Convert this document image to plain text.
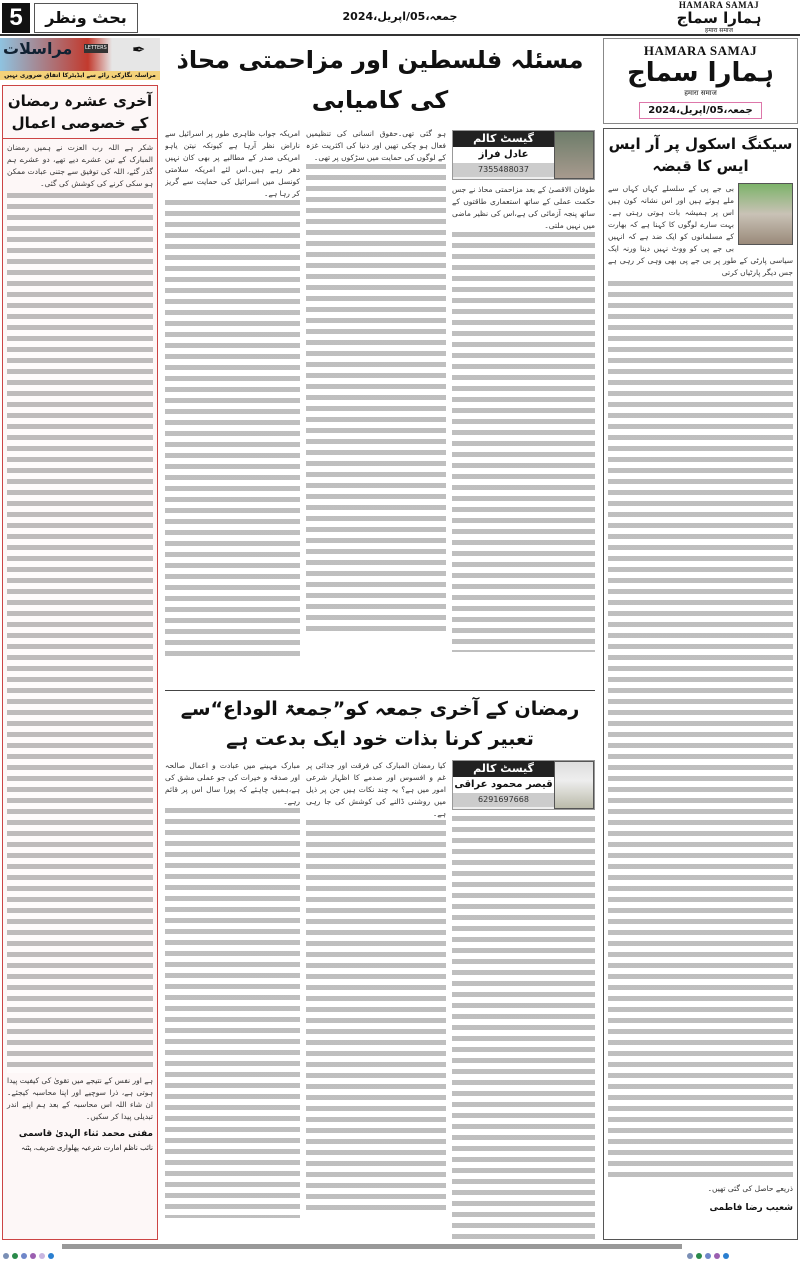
5	بحث ونظر	جمعہ،05/اپریل،2024
HAMARA SAMAJ
ہمارا سماج
हमारा समाज
مراسلات	LETTERS ✒
مراسلہ نگارکی رائے سے ایڈیٹرکا اتفاق ضروری نہیں
آخری عشرہ رمضان کے خصوصی اعمال
شکر ہے اللہ رب العزت نے ہمیں رمضان المبارک کے تین عشرے دیے تھے، دو عشرے ہم گذر گئے، اللہ کی توفیق سے جتنی عبادت ممکن ہو سکی کرنے کی کوشش کی گئی۔
ہے اور نفس کے نتیجے میں تقویٰ کی کیفیت پیدا ہوتی ہے، ذرا سوچیے اور اپنا محاسبہ کیجئے۔ان شاء اللہ اس محاسبہ کے بعد ہم اپنے اندر تبدیلی پیدا کر سکیں۔
مفتی محمد ثناء الہدیٰ قاسمی
نائب ناظم امارت شرعیہ پھلواری شریف، پٹنہ
مسئلہ فلسطین اور مزاحمتی محاذ کی کامیابی
امریکہ جواب ظاہری طور پر اسرائیل سے ناراض نظر آرہا ہے کیونکہ نیتن یاہو امریکی صدر کے مطالبے پر بھی کان نہیں دھر رہے ہیں۔اس لئے امریکہ سلامتی کونسل میں اسرائیل کی حمایت سے گریز کر رہا ہے۔
ہو گئی تھی۔حقوق انسانی کی تنظیمیں فعال ہو چکی تھیں اور دنیا کی اکثریت غزہ کے لوگوں کی حمایت میں سڑکوں پر تھی۔
گیسٹ کالم
عادل فراز
7355488037
طوفان الاقصیٰ کے بعد مزاحمتی محاذ نے جس حکمت عملی کے ساتھ استعماری طاقتوں کے ساتھ پنجہ آزمائی کی ہے،اس کی نظیر ماضی میں نہیں ملتی۔
رمضان کے آخری جمعہ کو”جمعۃ الوداع“سے تعبیر کرنا بذات خود ایک بدعت ہے
مبارک مہینے میں عبادت و اعمال صالحہ اور صدقہ و خیرات کی جو عملی مشق کی ہے،ہمیں چاہئے کہ پورا سال اس پر قائم رہے۔
کیا رمضان المبارک کی فرقت اور جدائی پر غم و افسوس اور صدمے کا اظہار شرعی امور میں ہے؟ یہ چند نکات ہیں جن پر ذیل میں روشنی ڈالنے کی کوشش کی جا رہی ہے۔
گیسٹ کالم
قیصر محمود عراقی
6291697668
HAMARA SAMAJ
ہمارا سماج
हमारा समाज
جمعہ،05/اپریل،2024
سیکنگ اسکول پر آر ایس ایس کا قبضہ
بی جے پی کے سلسلے کہاں کہاں سے ملے ہوئے ہیں اور اس نشانہ کون ہیں اس پر ہمیشہ بات ہوتی رہتی ہے۔ بہت سارے لوگوں کا کہنا ہے کہ بھارت کے مسلمانوں کو ایک ضد ہے کہ انہیں بی جے پی کو ووٹ نہیں دینا ورنہ ایک سیاسی پارٹی کے طور پر بی جے پی بھی وہی کر رہی ہے جس دیگر پارٹیاں کرتی
ذریعے حاصل کی گئی تھیں۔
شعیب رضا فاطمی
